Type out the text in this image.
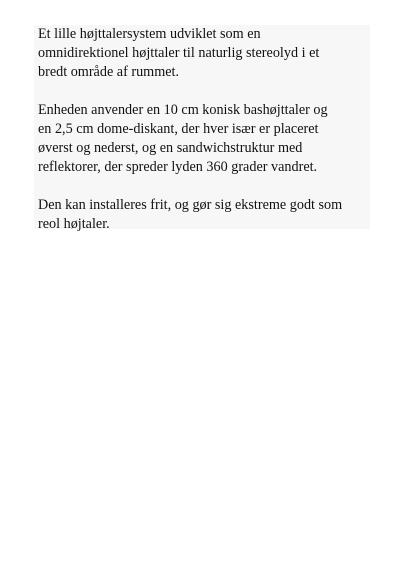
Et lille højttalersystem udviklet som en
omnidirektionel højttaler til naturlig stereolyd i et
bredt område af rummet.

Enheden anvender en 10 cm konisk bashøjttaler og
en 2,5 cm dome-diskant, der hver især er placeret
øverst og nederst, og en sandwichstruktur med
reflektorer, der spreder lyden 360 grader vandret.

Den kan installeres frit, og gør sig ekstreme godt som
reol højtaler.
